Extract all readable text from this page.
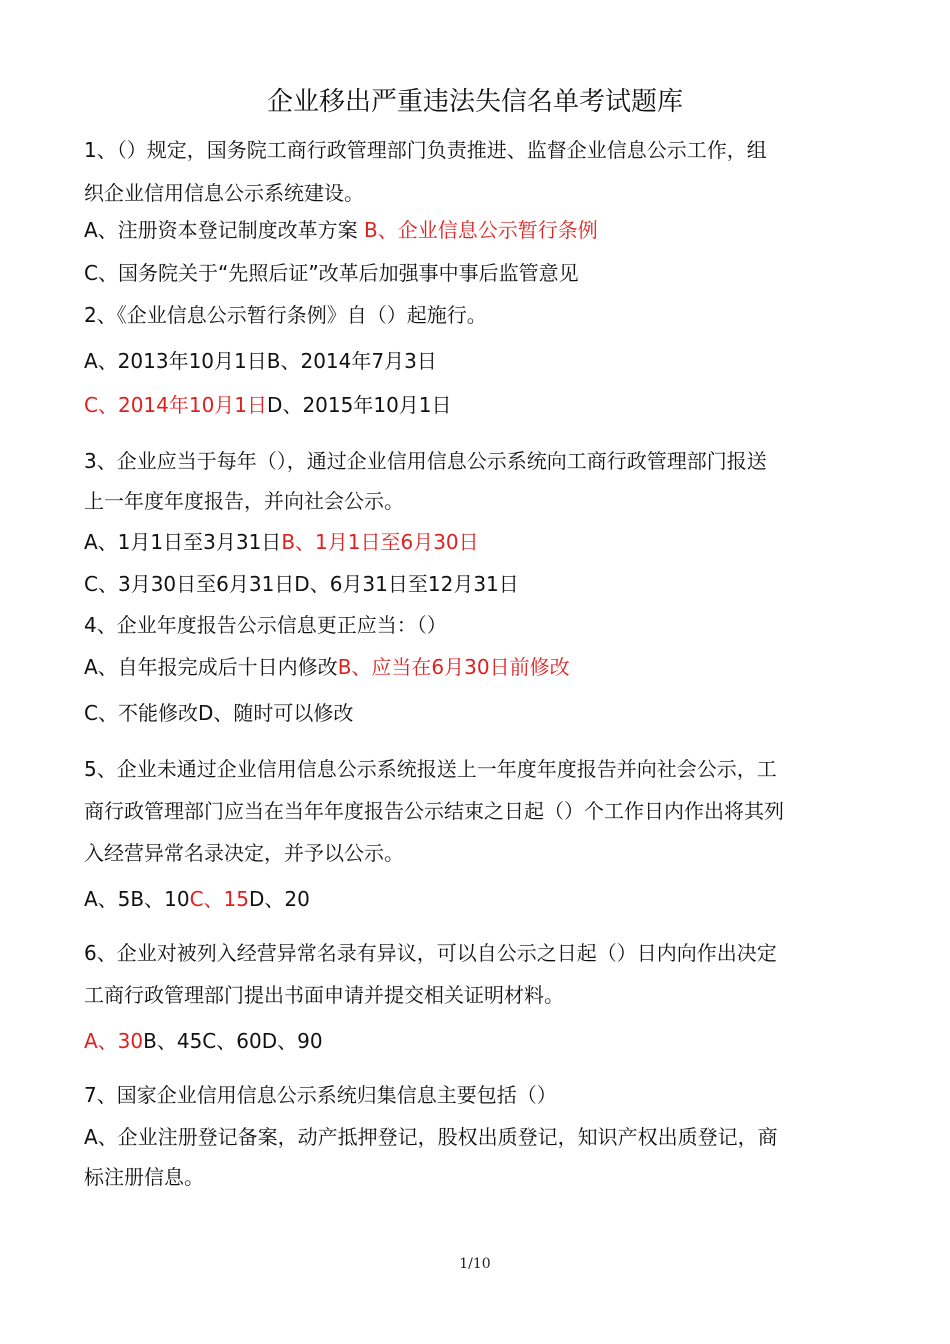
企业移出严重违法失信名单考试题库
1、（）规定，国务院工商行政管理部门负责推进、监督企业信息公示工作，组
织企业信用信息公示系统建设。
A、注册资本登记制度改革方案 B、企业信息公示暂行条例
C、国务院关于“先照后证”改革后加强事中事后监管意见
2、《企业信息公示暂行条例》自（）起施行。
A、2013年10月1日B、2014年7月3日
C、2014年10月1日D、2015年10月1日
3、企业应当于每年（），通过企业信用信息公示系统向工商行政管理部门报送
上一年度年度报告，并向社会公示。
A、1月1日至3月31日B、1月1日至6月30日
C、3月30日至6月31日D、6月31日至12月31日
4、企业年度报告公示信息更正应当：（）
A、自年报完成后十日内修改B、应当在6月30日前修改
C、不能修改D、随时可以修改
5、企业未通过企业信用信息公示系统报送上一年度年度报告并向社会公示，工
商行政管理部门应当在当年年度报告公示结束之日起（）个工作日内作出将其列
入经营异常名录决定，并予以公示。
A、5B、10C、15D、20
6、企业对被列入经营异常名录有异议，可以自公示之日起（）日内向作出决定
工商行政管理部门提出书面申请并提交相关证明材料。
A、30B、45C、60D、90
7、国家企业信用信息公示系统归集信息主要包括（）
A、企业注册登记备案，动产抵押登记，股权出质登记，知识产权出质登记，商
标注册信息。
1/10
